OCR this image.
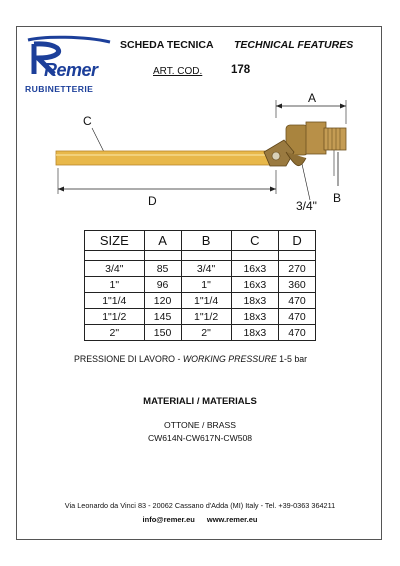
Remer
RUBINETTERIE
SCHEDA TECNICA TECHNICAL FEATURES
ART. COD. 178
A
C
B
D	3/4"
SIZE	A	B	C	D

3/4"	85	3/4"	16x3	270
1"	96	1"	16x3	360
1"1/4	120	1"1/4	18x3	470
1"1/2	145	1"1/2	18x3	470
2"	150	2"	18x3	470
PRESSIONE DI LAVORO - WORKING PRESSURE 1-5 bar
MATERIALI / MATERIALS
OTTONE / BRASS
CW614N-CW617N-CW508
Via Leonardo da Vinci 83 - 20062 Cassano d'Adda (MI) Italy - Tel. +39-0363 364211
info@remer.eu www.remer.eu
